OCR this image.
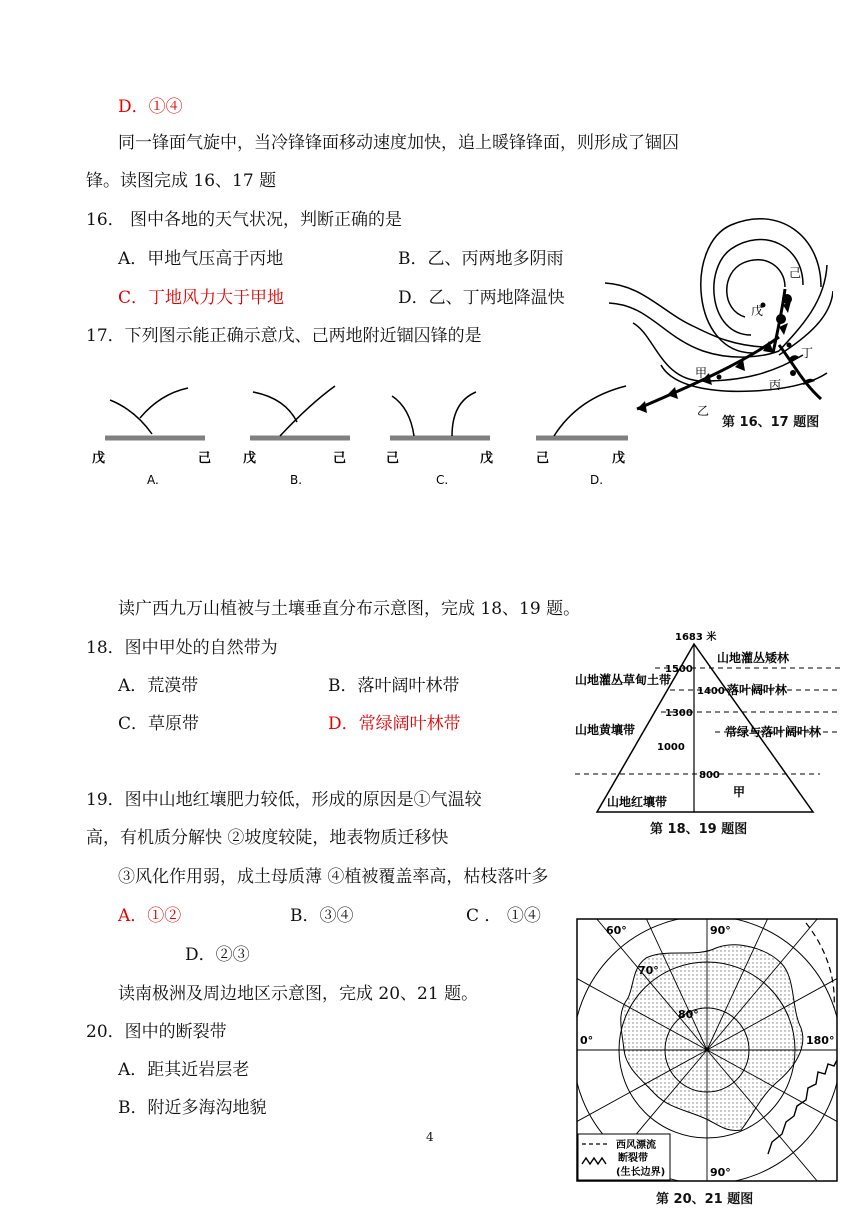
D．①④
同一锋面气旋中，当冷锋锋面移动速度加快，追上暖锋锋面，则形成了锢囚
锋。读图完成 16、17 题
16． 图中各地的天气状况，判断正确的是
A．甲地气压高于丙地	B．乙、丙两地多阴雨
C．丁地风力大于甲地	D．乙、丁两地降温快
17．下列图示能正确示意戊、己两地附近锢囚锋的是
戊	己
A.
戊	己
B.
己	戊
C.
己	戊
D.
己
戊
丁
丙
甲
乙
第 16、17 题图
读广西九万山植被与土壤垂直分布示意图，完成 18、19 题。
18．图中甲处的自然带为
A．荒漠带	B．落叶阔叶林带
C．草原带	D．常绿阔叶林带
1683 米
1500
1400
1300
1000
800
山地灌丛矮林
落叶阔叶林
常绿与落叶阔叶林
甲
山地灌丛草甸土带
山地黄壤带
山地红壤带
第 18、19 题图
19．图中山地红壤肥力较低，形成的原因是①气温较
高，有机质分解快 ②坡度较陡，地表物质迁移快
③风化作用弱，成土母质薄 ④植被覆盖率高，枯枝落叶多
A．①②	B．③④	C ． ①④
D．②③
读南极洲及周边地区示意图，完成 20、21 题。
20．图中的断裂带
A．距其近岩层老
B．附近多海沟地貌
60°	90°
0°	180°
90°
70°
80°
西风漂流
断裂带
(生长边界)
第 20、21 题图
4
